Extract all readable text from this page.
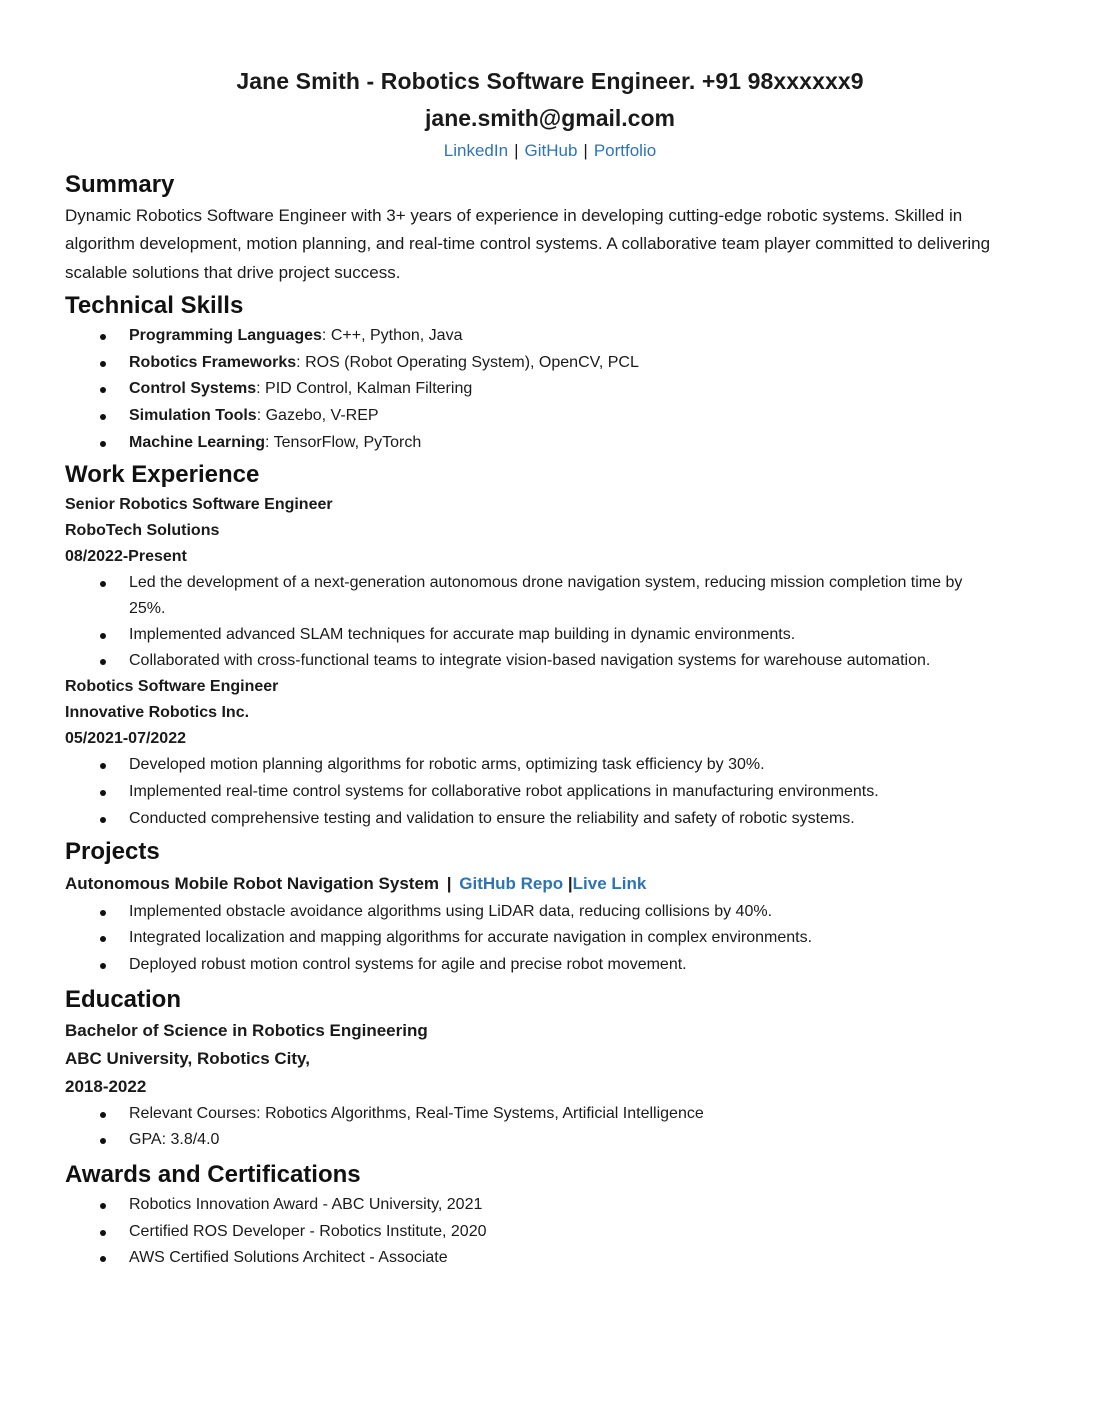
Jane Smith - Robotics Software Engineer. +91 98xxxxxx9

jane.smith@gmail.com

LinkedIn | GitHub | Portfolio

Summary

Dynamic Robotics Software Engineer with 3+ years of experience in developing cutting-edge robotic systems. Skilled in algorithm development, motion planning, and real-time control systems. A collaborative team player committed to delivering scalable solutions that drive project success.

Technical Skills
Programming Languages: C++, Python, Java
Robotics Frameworks: ROS (Robot Operating System), OpenCV, PCL
Control Systems: PID Control, Kalman Filtering
Simulation Tools: Gazebo, V-REP
Machine Learning: TensorFlow, PyTorch
Work Experience

Senior Robotics Software Engineer

RoboTech Solutions

08/2022-Present

Led the development of a next-generation autonomous drone navigation system, reducing mission completion time by 25%.
Implemented advanced SLAM techniques for accurate map building in dynamic environments.
Collaborated with cross-functional teams to integrate vision-based navigation systems for warehouse automation.

Robotics Software Engineer

Innovative Robotics Inc.

05/2021-07/2022

Developed motion planning algorithms for robotic arms, optimizing task efficiency by 30%.
Implemented real-time control systems for collaborative robot applications in manufacturing environments.
Conducted comprehensive testing and validation to ensure the reliability and safety of robotic systems.
Projects

Autonomous Mobile Robot Navigation System | GitHub Repo |Live Link

Implemented obstacle avoidance algorithms using LiDAR data, reducing collisions by 40%.
Integrated localization and mapping algorithms for accurate navigation in complex environments.
Deployed robust motion control systems for agile and precise robot movement.
Education

Bachelor of Science in Robotics Engineering

ABC University, Robotics City,

2018-2022

Relevant Courses: Robotics Algorithms, Real-Time Systems, Artificial Intelligence
GPA: 3.8/4.0
Awards and Certifications
Robotics Innovation Award - ABC University, 2021
Certified ROS Developer - Robotics Institute, 2020
AWS Certified Solutions Architect - Associate
